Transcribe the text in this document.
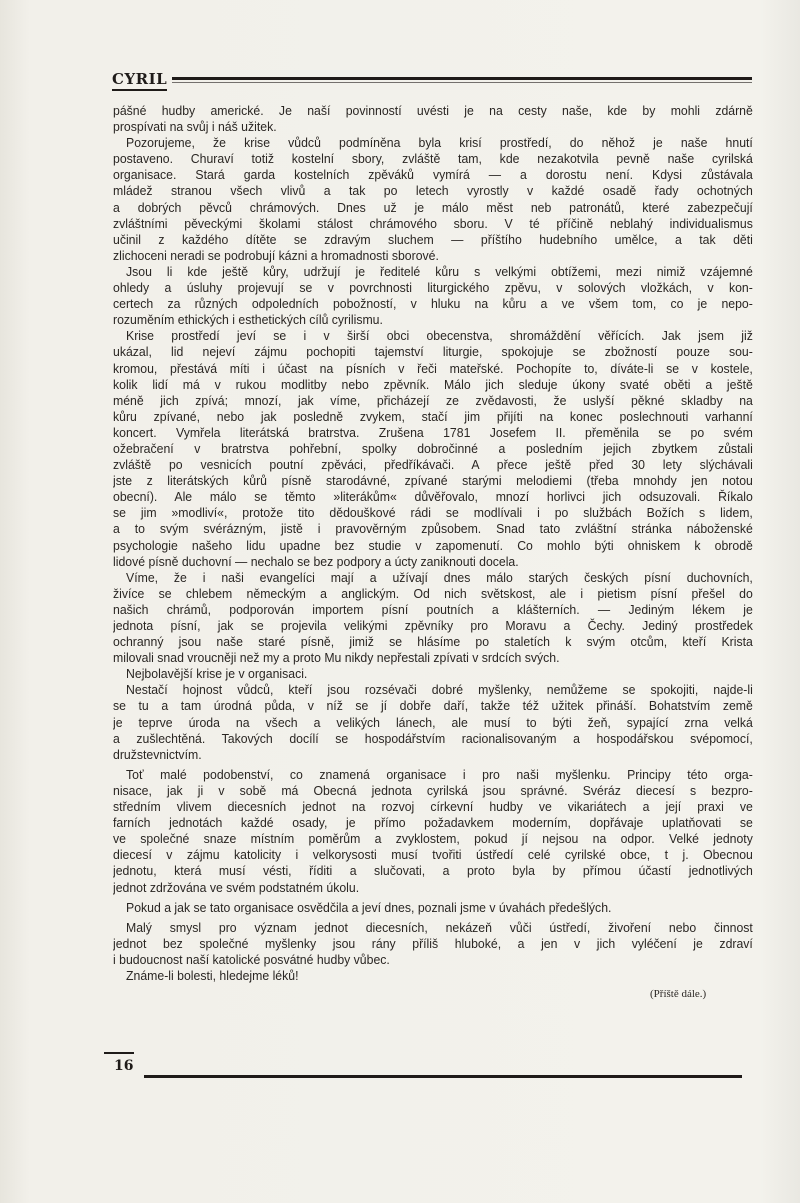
CYRIL
pášné hudby americké. Je naší povinností uvésti je na cesty naše, kde by mohli zdárně
prospívati na svůj i náš užitek.
Pozorujeme, že krise vůdců podmíněna byla krisí prostředí, do něhož je naše hnutí
postaveno. Churaví totiž kostelní sbory, zvláště tam, kde nezakotvila pevně naše cyrilská
organisace. Stará garda kostelních zpěváků vymírá — a dorostu není. Kdysi zůstávala
mládež stranou všech vlivů a tak po letech vyrostly v každé osadě řady ochotných
a dobrých pěvců chrámových. Dnes už je málo měst neb patronátů, které zabezpečují
zvláštními pěveckými školami stálost chrámového sboru. V té příčině neblahý individualismus
učinil z každého dítěte se zdravým sluchem — příštího hudebního umělce, a tak děti
zlichoceni neradi se podrobují kázni a hromadnosti sborové.
Jsou li kde ještě kůry, udržují je ředitelé kůru s velkými obtížemi, mezi nimiž vzájemné
ohledy a úsluhy projevují se v povrchnosti liturgického zpěvu, v solových vložkách, v kon-
certech za různých odpoledních pobožností, v hluku na kůru a ve všem tom, co je nepo-
rozuměním ethických i esthetických cílů cyrilismu.
Krise prostředí jeví se i v širší obci obecenstva, shromáždění věřících. Jak jsem již
ukázal, lid nejeví zájmu pochopiti tajemství liturgie, spokojuje se zbožností pouze sou-
kromou, přestává míti i účast na písních v řeči mateřské. Pochopíte to, díváte-li se v kostele,
kolik lidí má v rukou modlitby nebo zpěvník. Málo jich sleduje úkony svaté oběti a ještě
méně jich zpívá; mnozí, jak víme, přicházejí ze zvědavosti, že uslyší pěkné skladby na
kůru zpívané, nebo jak posledně zvykem, stačí jim přijíti na konec poslechnouti varhanní
koncert. Vymřela literátská bratrstva. Zrušena 1781 Josefem II. přeměnila se po svém
ožebračení v bratrstva pohřební, spolky dobročinné a posledním jejich zbytkem zůstali
zvláště po vesnicích poutní zpěváci, předříkávači. A přece ještě před 30 lety slýchávali
jste z literátských kůrů písně starodávné, zpívané starými melodiemi (třeba mnohdy jen notou
obecní). Ale málo se těmto »literákům« důvěřovalo, mnozí horlivci jich odsuzovali. Říkalo
se jim »modliví«, protože tito dědouškové rádi se modlívali i po službách Božích s lidem,
a to svým svérázným, jistě i pravověrným způsobem. Snad tato zvláštní stránka náboženské
psychologie našeho lidu upadne bez studie v zapomenutí. Co mohlo býti ohniskem k obrodě
lidové písně duchovní — nechalo se bez podpory a úcty zaniknouti docela.
Víme, že i naši evangelíci mají a užívají dnes málo starých českých písní duchovních,
živíce se chlebem německým a anglickým. Od nich světskost, ale i pietism písní přešel do
našich chrámů, podporován importem písní poutních a klášterních. — Jediným lékem je
jednota písní, jak se projevila velikými zpěvníky pro Moravu a Čechy. Jediný prostředek
ochranný jsou naše staré písně, jimiž se hlásíme po staletích k svým otcům, kteří Krista
milovali snad vroucněji než my a proto Mu nikdy nepřestali zpívati v srdcích svých.
Nejbolavější krise je v organisaci.
Nestačí hojnost vůdců, kteří jsou rozsévači dobré myšlenky, nemůžeme se spokojiti, najde-li
se tu a tam úrodná půda, v níž se jí dobře daří, takže též užitek přináší. Bohatstvím země
je teprve úroda na všech a velikých lánech, ale musí to býti žeň, sypající zrna velká
a zušlechtěná. Takových docílí se hospodářstvím racionalisovaným a hospodářskou svépomocí,
družstevnictvím.
Toť malé podobenství, co znamená organisace i pro naši myšlenku. Principy této orga-
nisace, jak ji v sobě má Obecná jednota cyrilská jsou správné. Svéráz diecesí s bezpro-
středním vlivem diecesních jednot na rozvoj církevní hudby ve vikariátech a její praxi ve
farních jednotách každé osady, je přímo požadavkem moderním, dopřávaje uplatňovati se
ve společné snaze místním poměrům a zvyklostem, pokud jí nejsou na odpor. Velké jednoty
diecesí v zájmu katolicity i velkorysosti musí tvořiti ústředí celé cyrilské obce, t j. Obecnou
jednotu, která musí vésti, říditi a slučovati, a proto byla by přímou účastí jednotlivých
jednot zdržována ve svém podstatném úkolu.
Pokud a jak se tato organisace osvědčila a jeví dnes, poznali jsme v úvahách předešlých.
Malý smysl pro význam jednot diecesních, nekázeň vůči ústředí, živoření nebo činnost
jednot bez společné myšlenky jsou rány příliš hluboké, a jen v jich vyléčení je zdraví
i budoucnost naší katolické posvátné hudby vůbec.
Známe-li bolesti, hledejme léků!
(Příště dále.)
16
